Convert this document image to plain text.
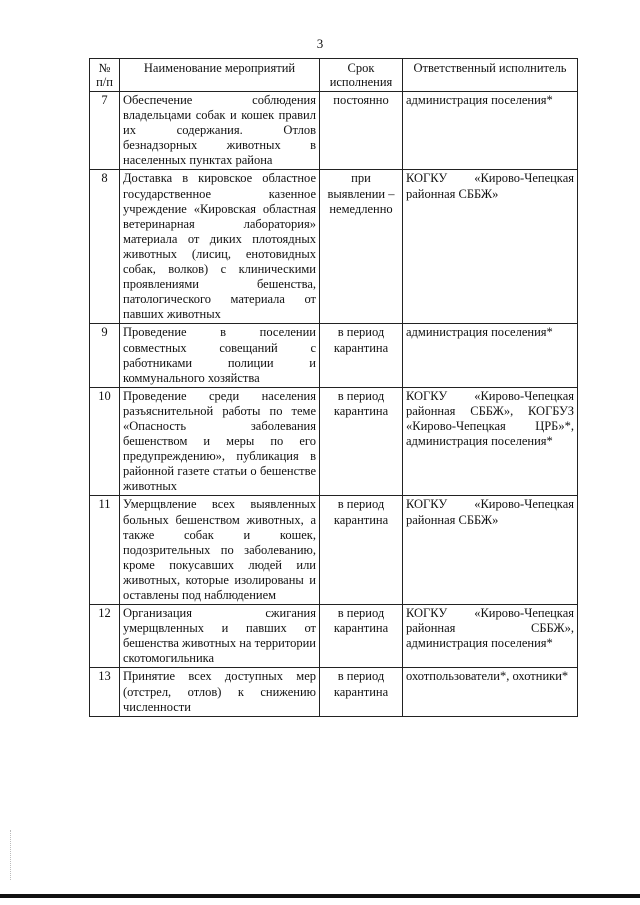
3
№ п/п	Наименование мероприятий	Срок исполнения	Ответственный исполнитель
7	Обеспечение соблюдения владельцами собак и кошек правил их содержания. Отлов безнадзорных животных в населенных пунктах района	постоянно	администрация поселения*
8	Доставка в кировское областное государственное казенное учреждение «Кировская областная ветеринарная лаборатория» материала от диких плотоядных животных (лисиц, енотовидных собак, волков) с клиническими проявлениями бешенства, патологического материала от павших животных	при выявлении – немедленно	КОГКУ «Кирово-Чепецкая районная СББЖ»
9	Проведение в поселении совместных совещаний с работниками полиции и коммунального хозяйства	в период карантина	администрация поселения*
10	Проведение среди населения разъяснительной работы по теме «Опасность заболевания бешенством и меры по его предупреждению», публикация в районной газете статьи о бешенстве животных	в период карантина	КОГКУ «Кирово-Чепецкая районная СББЖ», КОГБУЗ «Кирово-Чепецкая ЦРБ»*, администрация поселения*
11	Умерщвление всех выявленных больных бешенством животных, а также собак и кошек, подозрительных по заболеванию, кроме покусавших людей или животных, которые изолированы и оставлены под наблюдением	в период карантина	КОГКУ «Кирово-Чепецкая районная СББЖ»
12	Организация сжигания умерщвленных и павших от бешенства животных на территории скотомогильника	в период карантина	КОГКУ «Кирово-Чепецкая районная СББЖ», администрация поселения*
13	Принятие всех доступных мер (отстрел, отлов) к снижению численности	в период карантина	охотпользователи*, охотники*
